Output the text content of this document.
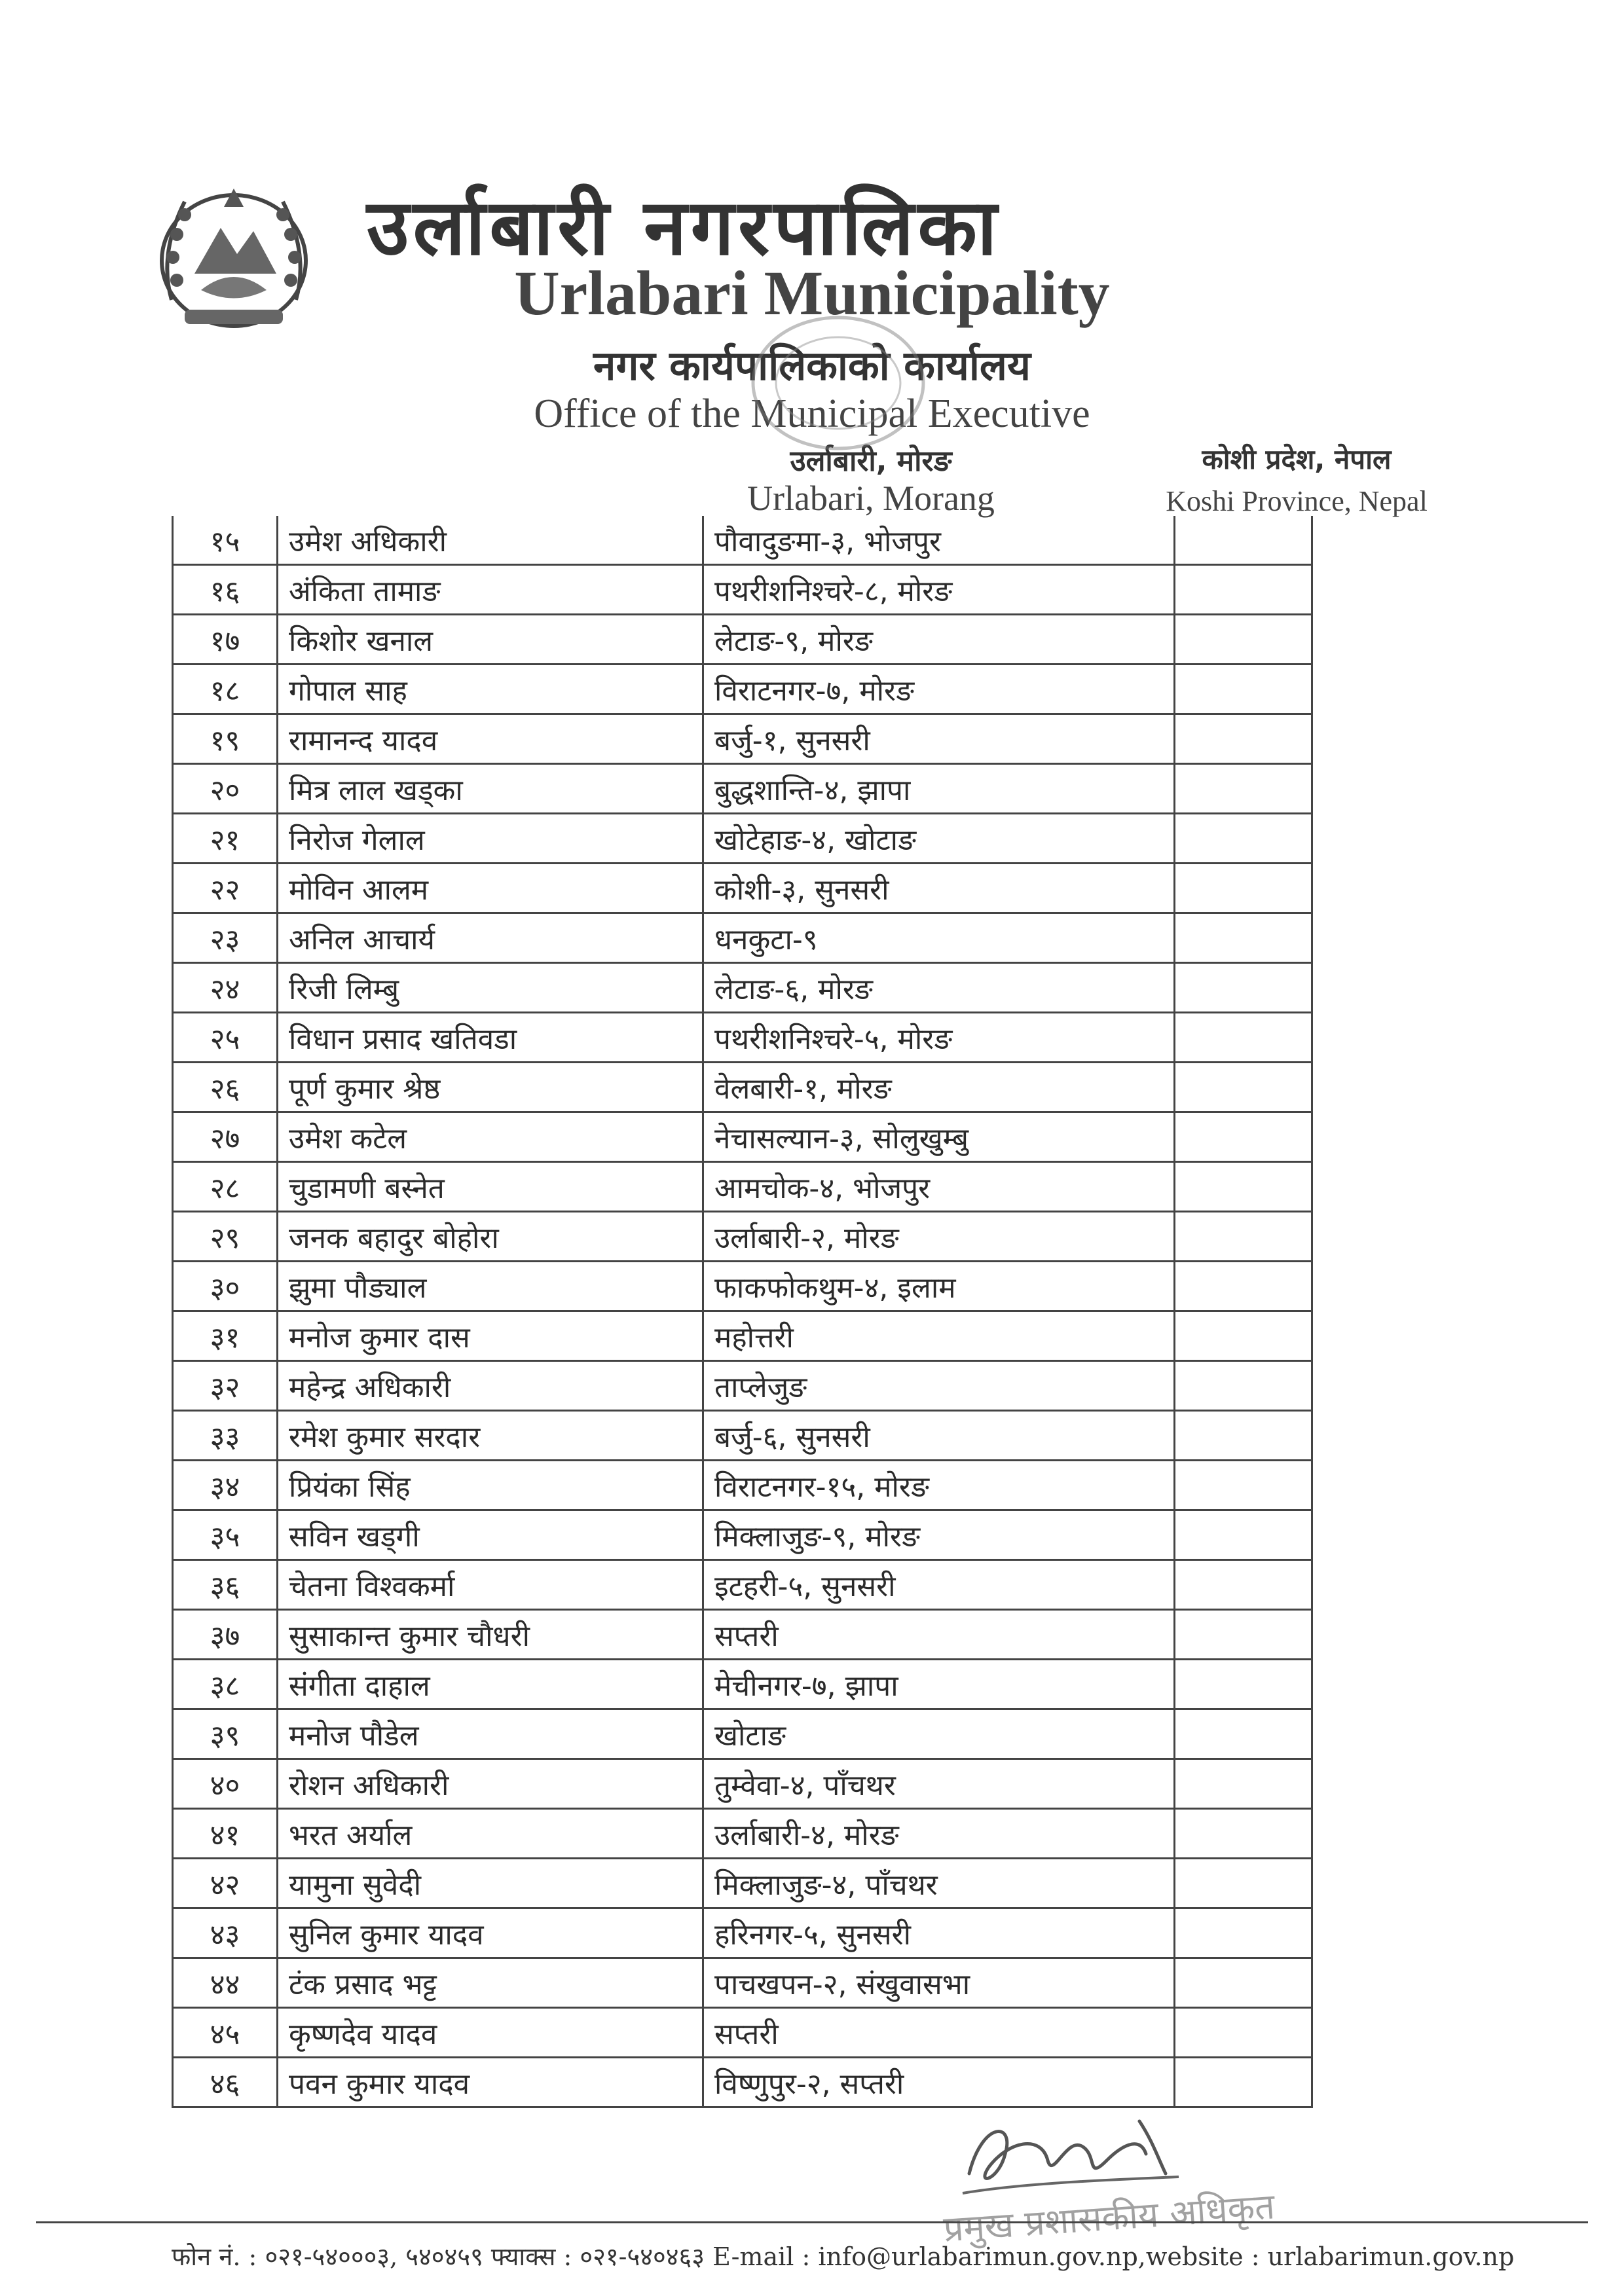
उर्लाबारी नगरपालिका
Urlabari Municipality
नगर कार्यपालिकाको कार्यालय
Office of the Municipal Executive
उर्लाबारी, मोरङ
Urlabari, Morang
कोशी प्रदेश, नेपाल
Koshi Province, Nepal
१५	उमेश अधिकारी	पौवादुङमा-३, भोजपुर	
१६	अंकिता तामाङ	पथरीशनिश्चरे-८, मोरङ	
१७	किशोर खनाल	लेटाङ-९, मोरङ	
१८	गोपाल साह	विराटनगर-७, मोरङ	
१९	रामानन्द यादव	बर्जु-१, सुनसरी	
२०	मित्र लाल खड्का	बुद्धशान्ति-४, झापा	
२१	निरोज गेलाल	खोटेहाङ-४, खोटाङ	
२२	मोविन आलम	कोशी-३, सुनसरी	
२३	अनिल आचार्य	धनकुटा-९	
२४	रिजी लिम्बु	लेटाङ-६, मोरङ	
२५	विधान प्रसाद खतिवडा	पथरीशनिश्चरे-५, मोरङ	
२६	पूर्ण कुमार श्रेष्ठ	वेलबारी-१, मोरङ	
२७	उमेश कटेल	नेचासल्यान-३, सोलुखुम्बु	
२८	चुडामणी बस्नेत	आमचोक-४, भोजपुर	
२९	जनक बहादुर बोहोरा	उर्लाबारी-२, मोरङ	
३०	झुमा पौड्याल	फाकफोकथुम-४, इलाम	
३१	मनोज कुमार दास	महोत्तरी	
३२	महेन्द्र अधिकारी	ताप्लेजुङ	
३३	रमेश कुमार सरदार	बर्जु-६, सुनसरी	
३४	प्रियंका सिंह	विराटनगर-१५, मोरङ	
३५	सविन खड्गी	मिक्लाजुङ-९, मोरङ	
३६	चेतना विश्वकर्मा	इटहरी-५, सुनसरी	
३७	सुसाकान्त कुमार चौधरी	सप्तरी	
३८	संगीता दाहाल	मेचीनगर-७, झापा	
३९	मनोज पौडेल	खोटाङ	
४०	रोशन अधिकारी	तुम्वेवा-४, पाँचथर	
४१	भरत अर्याल	उर्लाबारी-४, मोरङ	
४२	यामुना सुवेदी	मिक्लाजुङ-४, पाँचथर	
४३	सुनिल कुमार यादव	हरिनगर-५, सुनसरी	
४४	टंक प्रसाद भट्ट	पाचखपन-२, संखुवासभा	
४५	कृष्णदेव यादव	सप्तरी	
४६	पवन कुमार यादव	विष्णुपुर-२, सप्तरी	
प्रमुख प्रशासकीय अधिकृत
फोन नं. : ०२१-५४०००३, ५४०४५९ फ्याक्स : ०२१-५४०४६३ E-mail : info@urlabarimun.gov.np,website : urlabarimun.gov.np
